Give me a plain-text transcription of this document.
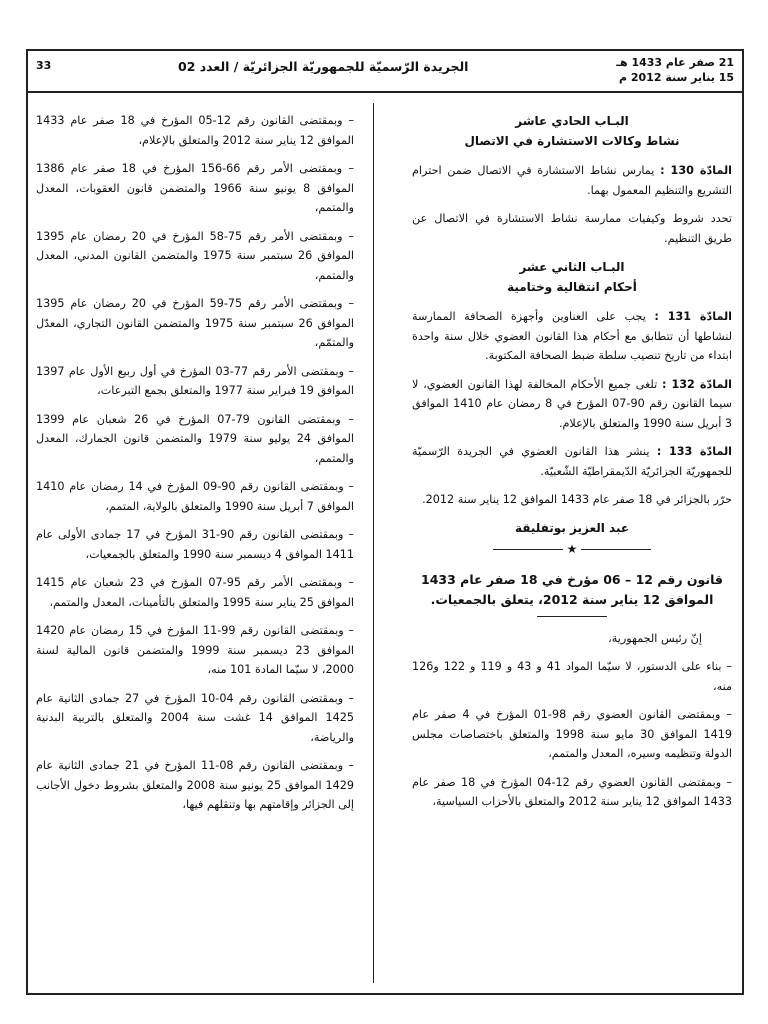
33	الجريدة الرّسميّة للجمهوريّة الجزائريّة / العدد 02	21 صفر عام 1433 هـ
15 يناير سنة 2012 م
البـاب الحادي عاشر
نشاط وكالات الاستشارة في الاتصال

المادّة 130 : يمارس نشاط الاستشارة في الاتصال ضمن احترام التشريع والتنظيم المعمول بهما.

تحدد شروط وكيفيات ممارسة نشاط الاستشارة في الاتصال عن طريق التنظيم.

البـاب الثاني عشر
أحكام انتقالية وختامية

المادّة 131 : يجب على العناوين وأجهزة الصحافة الممارسة لنشاطها أن تتطابق مع أحكام هذا القانون العضوي خلال سنة واحدة ابتداء من تاريخ تنصيب سلطة ضبط الصحافة المكتوبة.

المادّة 132 : تلغى جميع الأحكام المخالفة لهذا القانون العضوي، لا سيما القانون رقم 90-07 المؤرخ في 8 رمضان عام 1410 الموافق 3 أبريل سنة 1990 والمتعلق بالإعلام.

المادّة 133 : ينشر هذا القانون العضوي في الجريدة الرّسميّة للجمهوريّة الجزائريّة الدّيمقراطيّة الشّعبيّة.

حرّر بالجزائر في 18 صفر عام 1433 الموافق 12 يناير سنة 2012.

عبد العزيز بوتفليقة
★
قانون رقم 12 – 06 مؤرخ في 18 صفر عام 1433 الموافق 12 يناير سنة 2012، يتعلق بالجمعيات.

إنّ رئيس الجمهورية،

– بناء على الدستور، لا سيّما المواد 41 و 43 و 119 و 122 و126 منه،

– وبمقتضى القانون العضوي رقم 98-01 المؤرخ في 4 صفر عام 1419 الموافق 30 مايو سنة 1998 والمتعلق باختصاصات مجلس الدولة وتنظيمه وسيره، المعدل والمتمم،

– وبمقتضى القانون العضوي رقم 12-04 المؤرخ في 18 صفر عام 1433 الموافق 12 يناير سنة 2012 والمتعلق بالأحزاب السياسية،

– وبمقتضى القانون رقم 12-05 المؤرخ في 18 صفر عام 1433 الموافق 12 يناير سنة 2012 والمتعلق بالإعلام،

– وبمقتضى الأمر رقم 66-156 المؤرخ في 18 صفر عام 1386 الموافق 8 يونيو سنة 1966 والمتضمن قانون العقوبات، المعدل والمتمم،

– وبمقتضى الأمر رقم 75-58 المؤرخ في 20 رمضان عام 1395 الموافق 26 سبتمبر سنة 1975 والمتضمن القانون المدني، المعدل والمتمم،

– وبمقتضى الأمر رقم 75-59 المؤرخ في 20 رمضان عام 1395 الموافق 26 سبتمبر سنة 1975 والمتضمن القانون التجاري، المعدّل والمتمّم،

– وبمقتضى الأمر رقم 77-03 المؤرخ في أول ربيع الأول عام 1397 الموافق 19 فبراير سنة 1977 والمتعلق بجمع التبرعات،

– وبمقتضى القانون 79-07 المؤرخ في 26 شعبان عام 1399 الموافق 24 يوليو سنة 1979 والمتضمن قانون الجمارك، المعدل والمتمم،

– وبمقتضى القانون رقم 90-09 المؤرخ في 14 رمضان عام 1410 الموافق 7 أبريل سنة 1990 والمتعلق بالولاية، المتمم،

– وبمقتضى القانون رقم 90-31 المؤرخ في 17 جمادى الأولى عام 1411 الموافق 4 ديسمبر سنة 1990 والمتعلق بالجمعيات،

– وبمقتضى الأمر رقم 95-07 المؤرخ في 23 شعبان عام 1415 الموافق 25 يناير سنة 1995 والمتعلق بالتأمينات، المعدل والمتمم،

– وبمقتضى القانون رقم 99-11 المؤرخ في 15 رمضان عام 1420 الموافق 23 ديسمبر سنة 1999 والمتضمن قانون المالية لسنة 2000، لا سيّما المادة 101 منه،

– وبمقتضى القانون رقم 04-10 المؤرخ في 27 جمادى الثانية عام 1425 الموافق 14 غشت سنة 2004 والمتعلق بالتربية البدنية والرياضة،

– وبمقتضى القانون رقم 08-11 المؤرخ في 21 جمادى الثانية عام 1429 الموافق 25 يونيو سنة 2008 والمتعلق بشروط دخول الأجانب إلى الجزائر وإقامتهم بها وتنقلهم فيها،
